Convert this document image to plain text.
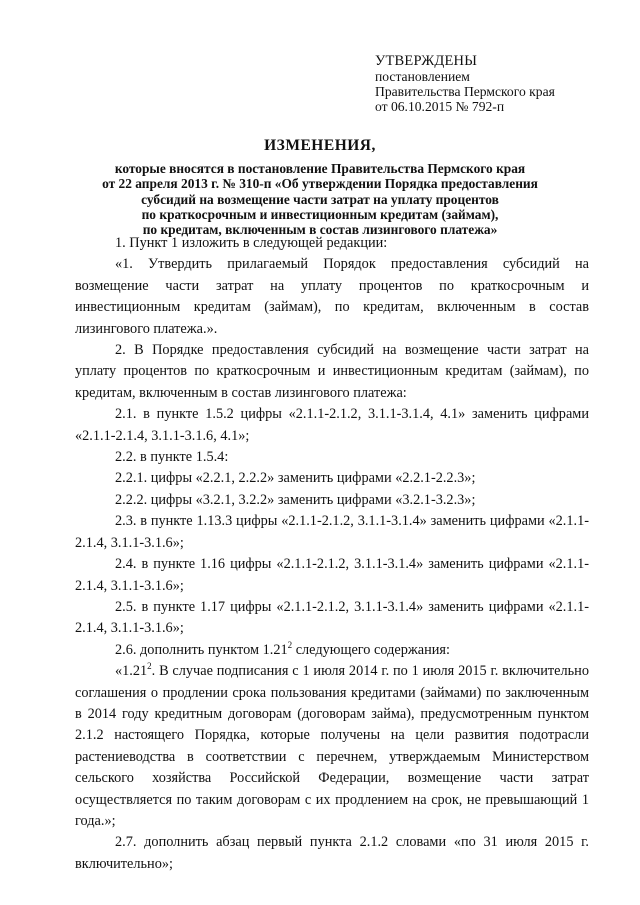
УТВЕРЖДЕНЫ
постановлением
Правительства Пермского края
от 06.10.2015 № 792-п
ИЗМЕНЕНИЯ,
которые вносятся в постановление Правительства Пермского края
от 22 апреля 2013 г. № 310-п «Об утверждении Порядка предоставления
субсидий на возмещение части затрат на уплату процентов
по краткосрочным и инвестиционным кредитам (займам),
по кредитам, включенным в состав лизингового платежа»

1. Пункт 1 изложить в следующей редакции:

«1. Утвердить прилагаемый Порядок предоставления субсидий на возмещение части затрат на уплату процентов по краткосрочным и инвестиционным кредитам (займам), по кредитам, включенным в состав лизингового платежа.».

2. В Порядке предоставления субсидий на возмещение части затрат на уплату процентов по краткосрочным и инвестиционным кредитам (займам), по кредитам, включенным в состав лизингового платежа:

2.1. в пункте 1.5.2 цифры «2.1.1-2.1.2, 3.1.1-3.1.4, 4.1» заменить цифрами «2.1.1-2.1.4, 3.1.1-3.1.6, 4.1»;

2.2. в пункте 1.5.4:

2.2.1. цифры «2.2.1, 2.2.2» заменить цифрами «2.2.1-2.2.3»;

2.2.2. цифры «3.2.1, 3.2.2» заменить цифрами «3.2.1-3.2.3»;

2.3. в пункте 1.13.3 цифры «2.1.1-2.1.2, 3.1.1-3.1.4» заменить цифрами «2.1.1-2.1.4, 3.1.1-3.1.6»;

2.4. в пункте 1.16 цифры «2.1.1-2.1.2, 3.1.1-3.1.4» заменить цифрами «2.1.1-2.1.4, 3.1.1-3.1.6»;

2.5. в пункте 1.17 цифры «2.1.1-2.1.2, 3.1.1-3.1.4» заменить цифрами «2.1.1-2.1.4, 3.1.1-3.1.6»;

2.6. дополнить пунктом 1.21$^2$ следующего содержания:

«1.21$^2$. В случае подписания с 1 июля 2014 г. по 1 июля 2015 г. включительно соглашения о продлении срока пользования кредитами (займами) по заключенным в 2014 году кредитным договорам (договорам займа), предусмотренным пунктом 2.1.2 настоящего Порядка, которые получены на цели развития подотрасли растениеводства в соответствии с перечнем, утверждаемым Министерством сельского хозяйства Российской Федерации, возмещение части затрат осуществляется по таким договорам с их продлением на срок, не превышающий 1 года.»;

2.7. дополнить абзац первый пункта 2.1.2 словами «по 31 июля 2015 г. включительно»;
